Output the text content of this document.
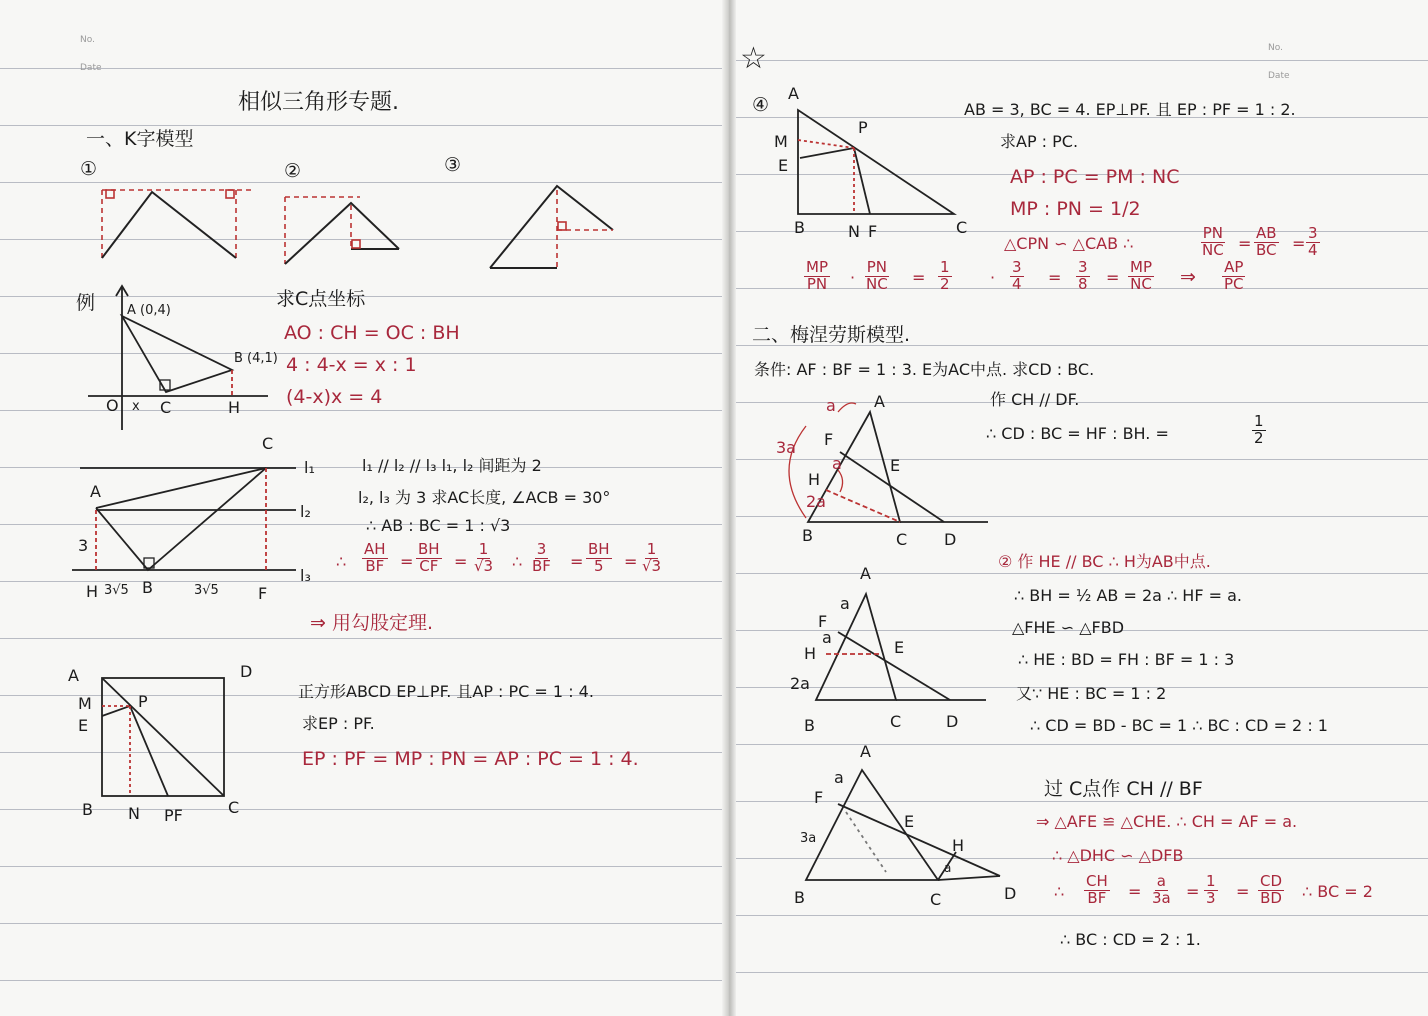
No.
Date
No.
Date
相似三角形专题.
一、K字模型
①	②	③
例 A (0,4)
B (4,1)
O x C	H
求C点坐标
AO : CH = OC : BH
4 : 4-x = x : 1
(4-x)x = 4
A
C
l₁
l₂
l₃
3
H 3√5 B	3√5 F
l₁ // l₂ // l₃ l₁, l₂ 间距为 2
l₂, l₃ 为 3 求AC长度, ∠ACB = 30°
∴ AB : BC = 1 : √3
∴ $\frac{AH}{BF} = \frac{BH}{CF} = \frac{1}{√3}$ ∴ $\frac{3}{BF} = \frac{BH}{5} = \frac{1}{√3}$
⇒ 用勾股定理.
A	D
M
E
P
B N PF	C
正方形ABCD EP⊥PF. 且AP : PC = 1 : 4.
求EP : PF.
EP : PF = MP : PN = AP : PC = 1 : 4.
☆
④
A
M
E
P
B	N F	C
AB = 3, BC = 4. EP⊥PF. 且 EP : PF = 1 : 2.
求AP : PC.
AP : PC = PM : NC
MP : PN = 1/2
△CPN ∽ △CAB ∴	$\frac{PN}{NC} = \frac{AB}{BC} = \frac{3}{4}$
$\frac{MP}{PN} \cdot \frac{PN}{NC} = \frac{1}{2} \cdot \frac{3}{4} = \frac{3}{8} = \frac{MP}{NC}$ ⇒ $\frac{AP}{PC}$
二、梅涅劳斯模型.
条件: AF : BF = 1 : 3. E为AC中点. 求CD : BC.
A
a
F
3a
a
H
E
2a
B	C D
作 CH // DF.
∴ CD : BC = HF : BH. =	$\frac{1}{2}$
A
a
F
a
H	E
2a
B	C	D
② 作 HE // BC ∴ H为AB中点.
∴ BH = ½ AB = 2a ∴ HF = a.
△FHE ∽ △FBD
∴ HE : BD = FH : BF = 1 : 3
又∵ HE : BC = 1 : 2
∴ CD = BD - BC = 1 ∴ BC : CD = 2 : 1
A
a
F
3a
E
H
a
B	C	D
过 C点作 CH // BF
⇒ △AFE ≌ △CHE. ∴ CH = AF = a.
∴ △DHC ∽ △DFB
∴ $\frac{CH}{BF} = \frac{a}{3a} = \frac{1}{3} = \frac{CD}{BD}$ ∴ BC = 2
∴ BC : CD = 2 : 1.
